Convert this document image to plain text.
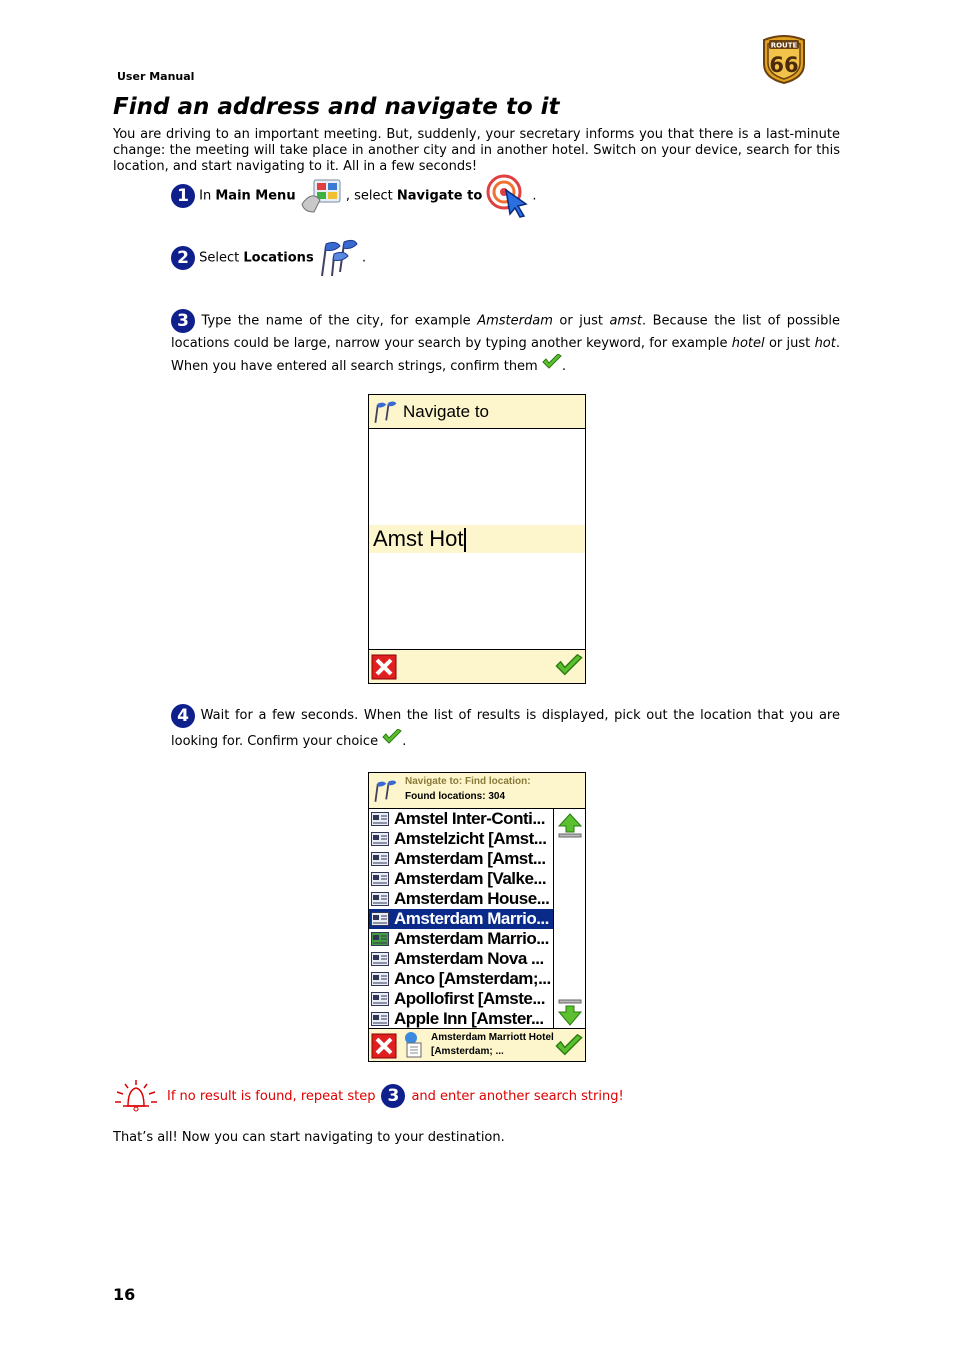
User Manual
ROUTE
66
Find an address and navigate to it
You are driving to an important meeting. But, suddenly, your secretary informs you that there is a last-minute change: the meeting will take place in another city and in another hotel. Switch on your device, search for this location, and start navigating to it. All in a few seconds!
1 In Main Menu	, select Navigate to	.
2 Select Locations	.
3 Type the name of the city, for example Amsterdam or just amst. Because the list of possible locations could be large, narrow your search by typing another keyword, for example hotel or just hot. When you have entered all search strings, confirm them .
Navigate to
Amst Hot
4 Wait for a few seconds. When the list of results is displayed, pick out the location that you are looking for. Confirm your choice .
Navigate to: Find location:
Found locations: 304
Amstel Inter-Conti...
Amstelzicht [Amst...
Amsterdam [Amst...
Amsterdam [Valke...
Amsterdam House...
Amsterdam Marrio...
Amsterdam Marrio...
Amsterdam Nova ...
Anco [Amsterdam;...
Apollofirst [Amste...
Apple Inn [Amster...
Amsterdam Marriott Hotel
[Amsterdam; ...
If no result is found, repeat step 3 and enter another search string!
That’s all! Now you can start navigating to your destination.
16
